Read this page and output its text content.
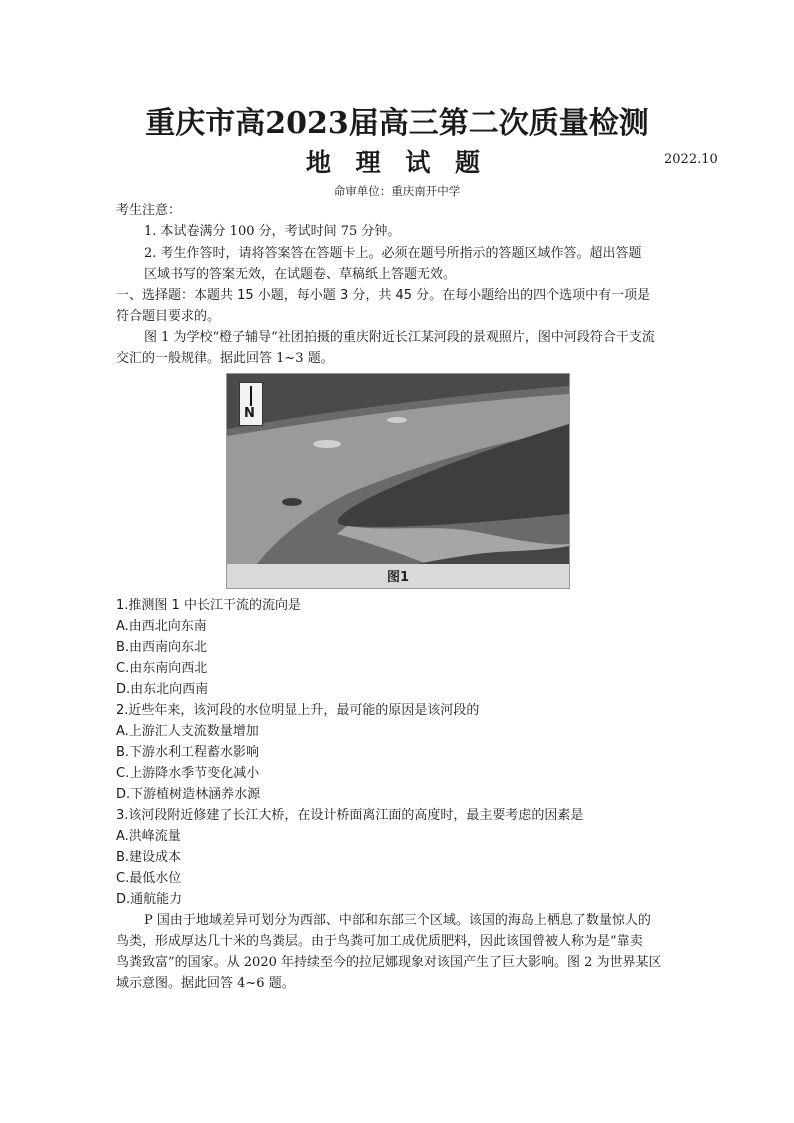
重庆市高2023届高三第二次质量检测
地 理 试 题	2022.10
命审单位：重庆南开中学
考生注意：
1. 本试卷满分 100 分，考试时间 75 分钟。
2. 考生作答时，请将答案答在答题卡上。必须在题号所指示的答题区域作答。超出答题
区域书写的答案无效，在试题卷、草稿纸上答题无效。
一、选择题：本题共 15 小题，每小题 3 分，共 45 分。在每小题给出的四个选项中有一项是
符合题目要求的。
图 1 为学校“橙子辅导”社团拍摄的重庆附近长江某河段的景观照片，图中河段符合干支流
交汇的一般规律。据此回答 1~3 题。
N
图1
1.推测图 1 中长江干流的流向是
A.由西北向东南
B.由西南向东北
C.由东南向西北
D.由东北向西南
2.近些年来，该河段的水位明显上升，最可能的原因是该河段的
A.上游汇人支流数量增加
B.下游水利工程蓄水影响
C.上游降水季节变化减小
D.下游植树造林涵养水源
3.该河段附近修建了长江大桥，在设计桥面离江面的高度时，最主要考虑的因素是
A.洪峰流量
B.建设成本
C.最低水位
D.通航能力
P 国由于地域差异可划分为西部、中部和东部三个区域。该国的海岛上栖息了数量惊人的
鸟类，形成厚达几十米的鸟粪层。由于鸟粪可加工成优质肥料，因此该国曾被人称为是“靠卖
鸟粪致富”的国家。从 2020 年持续至今的拉尼娜现象对该国产生了巨大影响。图 2 为世界某区
域示意图。据此回答 4~6 题。
